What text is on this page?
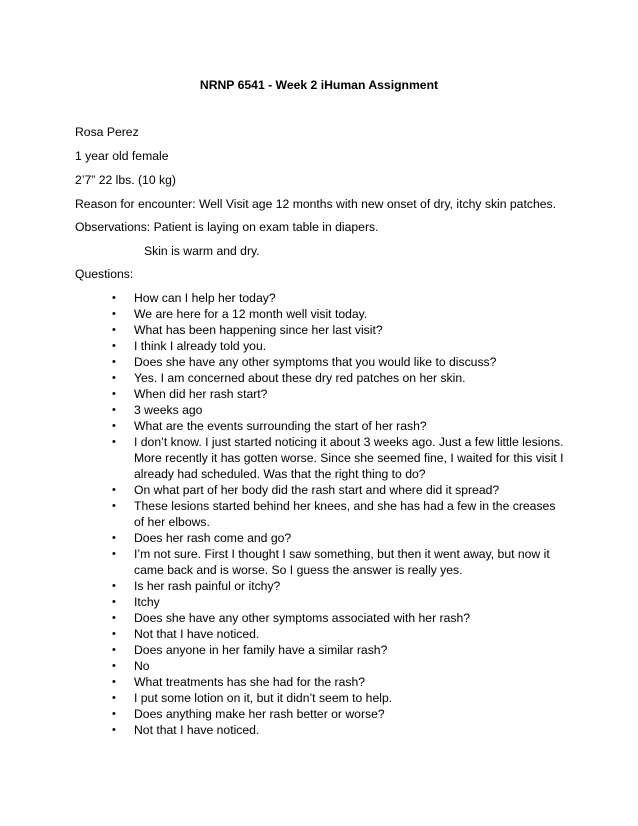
NRNP 6541 - Week 2 iHuman Assignment
Rosa Perez
1 year old female
2’7” 22 lbs. (10 kg)
Reason for encounter: Well Visit age 12 months with new onset of dry, itchy skin patches.
Observations: Patient is laying on exam table in diapers.
Skin is warm and dry.
Questions:
• How can I help her today?
• We are here for a 12 month well visit today.
• What has been happening since her last visit?
• I think I already told you.
• Does she have any other symptoms that you would like to discuss?
• Yes. I am concerned about these dry red patches on her skin.
• When did her rash start?
• 3 weeks ago
• What are the events surrounding the start of her rash?
• I don’t know. I just started noticing it about 3 weeks ago. Just a few little lesions. More recently it has gotten worse. Since she seemed fine, I waited for this visit I already had scheduled. Was that the right thing to do?
• On what part of her body did the rash start and where did it spread?
• These lesions started behind her knees, and she has had a few in the creases of her elbows.
• Does her rash come and go?
• I’m not sure. First I thought I saw something, but then it went away, but now it came back and is worse. So I guess the answer is really yes.
• Is her rash painful or itchy?
• Itchy
• Does she have any other symptoms associated with her rash?
• Not that I have noticed.
• Does anyone in her family have a similar rash?
• No
• What treatments has she had for the rash?
• I put some lotion on it, but it didn’t seem to help.
• Does anything make her rash better or worse?
• Not that I have noticed.
